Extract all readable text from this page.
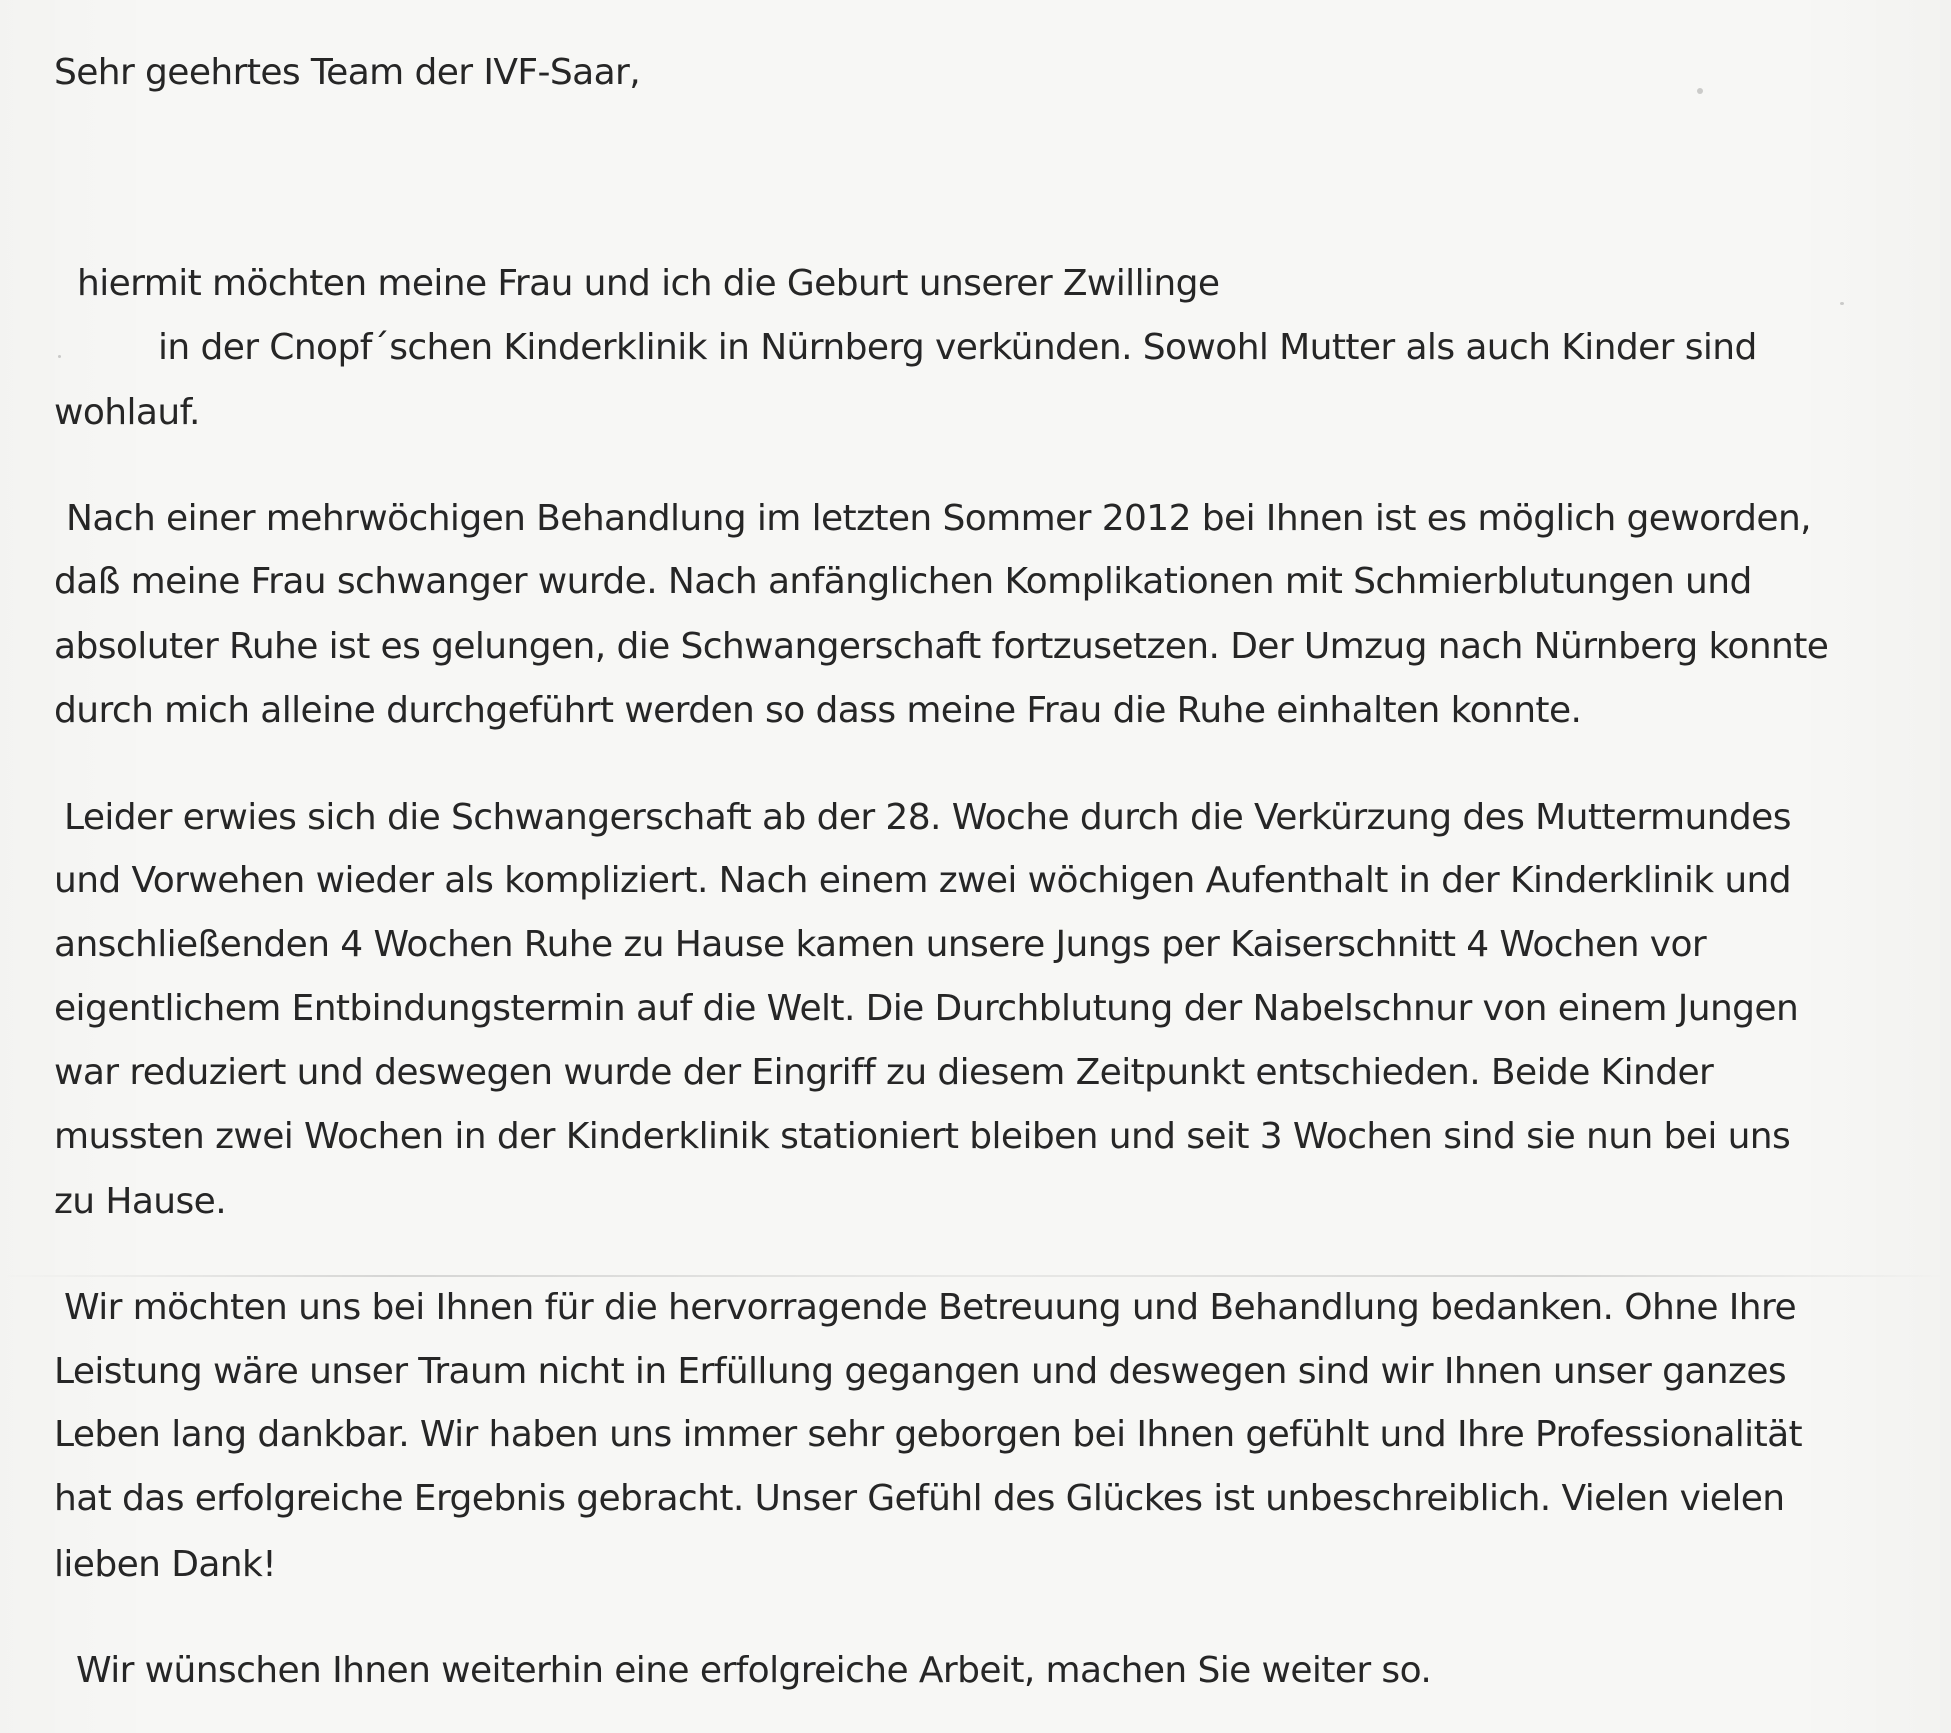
Sehr geehrtes Team der IVF-Saar,

hiermit möchten meine Frau und ich die Geburt unserer Zwillinge

in der Cnopf´schen Kinderklinik in Nürnberg verkünden. Sowohl Mutter als auch Kinder sind

wohlauf.

Nach einer mehrwöchigen Behandlung im letzten Sommer 2012 bei Ihnen ist es möglich geworden,

daß meine Frau schwanger wurde. Nach anfänglichen Komplikationen mit Schmierblutungen und

absoluter Ruhe ist es gelungen, die Schwangerschaft fortzusetzen. Der Umzug nach Nürnberg konnte

durch mich alleine durchgeführt werden so dass meine Frau die Ruhe einhalten konnte.

Leider erwies sich die Schwangerschaft ab der 28. Woche durch die Verkürzung des Muttermundes

und Vorwehen wieder als kompliziert. Nach einem zwei wöchigen Aufenthalt in der Kinderklinik und

anschließenden 4 Wochen Ruhe zu Hause kamen unsere Jungs per Kaiserschnitt 4 Wochen vor

eigentlichem Entbindungstermin auf die Welt. Die Durchblutung der Nabelschnur von einem Jungen

war reduziert und deswegen wurde der Eingriff zu diesem Zeitpunkt entschieden. Beide Kinder

mussten zwei Wochen in der Kinderklinik stationiert bleiben und seit 3 Wochen sind sie nun bei uns

zu Hause.

Wir möchten uns bei Ihnen für die hervorragende Betreuung und Behandlung bedanken. Ohne Ihre

Leistung wäre unser Traum nicht in Erfüllung gegangen und deswegen sind wir Ihnen unser ganzes

Leben lang dankbar. Wir haben uns immer sehr geborgen bei Ihnen gefühlt und Ihre Professionalität

hat das erfolgreiche Ergebnis gebracht. Unser Gefühl des Glückes ist unbeschreiblich. Vielen vielen

lieben Dank!

Wir wünschen Ihnen weiterhin eine erfolgreiche Arbeit, machen Sie weiter so.
